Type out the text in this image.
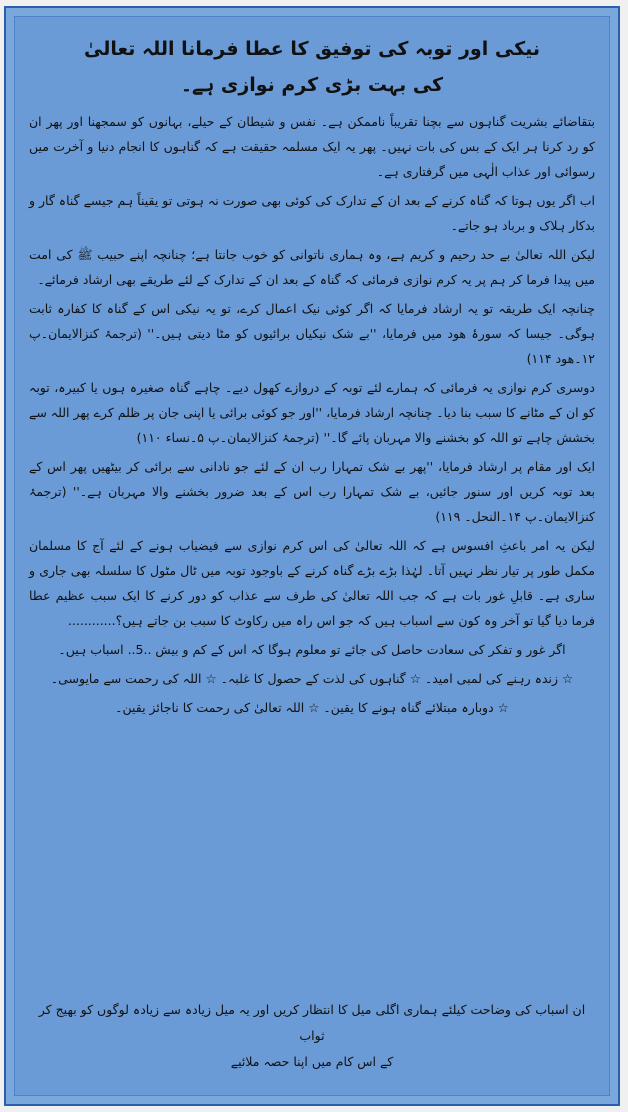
نیکی اور توبہ کی توفیق کا عطا فرمانا اللہ تعالیٰ
کی بہت بڑی کرم نوازی ہے۔

بتقاضائے بشریت گناہوں سے بچنا تقریباً ناممکن ہے۔ نفس و شیطان کے حیلے، بہانوں کو سمجھنا اور پھر ان کو رد کرنا ہر ایک کے بس کی بات نہیں۔ پھر یہ ایک مسلمہ حقیقت ہے کہ گناہوں کا انجام دنیا و آخرت میں رسوائی اور عذاب الٰہی میں گرفتاری ہے۔

اب اگر یوں ہوتا کہ گناہ کرنے کے بعد ان کے تدارک کی کوئی بھی صورت نہ ہوتی تو یقیناً ہم جیسے گناہ گار و بدکار ہلاک و برباد ہو جاتے۔

لیکن اللہ تعالیٰ بے حد رحیم و کریم ہے، وہ ہماری ناتوانی کو خوب جانتا ہے؛ چنانچہ اپنے حبیب ﷺ کی امت میں پیدا فرما کر ہم پر یہ کرم نوازی فرمائی کہ گناہ کے بعد ان کے تدارک کے لئے طریقے بھی ارشاد فرمائے۔

چنانچہ ایک طریقہ تو یہ ارشاد فرمایا کہ اگر کوئی نیک اعمال کرے، تو یہ نیکی اس کے گناہ کا کفارہ ثابت ہوگی۔ جیسا کہ سورۂ ھود میں فرمایا، ''بے شک نیکیاں برائیوں کو مٹا دیتی ہیں۔'' (ترجمۂ کنزالایمان۔پ ۱۲۔ھود ۱۱۴)

دوسری کرم نوازی یہ فرمائی کہ ہمارے لئے توبہ کے دروازے کھول دیے۔ چاہے گناہ صغیرہ ہوں یا کبیرہ، توبہ کو ان کے مٹانے کا سبب بنا دیا۔ چنانچہ ارشاد فرمایا، ''اور جو کوئی برائی یا اپنی جان پر ظلم کرے پھر اللہ سے بخشش چاہے تو اللہ کو بخشنے والا مہربان پائے گا۔'' (ترجمۂ کنزالایمان۔پ ۵۔نساء ۱۱۰)

ایک اور مقام پر ارشاد فرمایا، ''پھر بے شک تمہارا رب ان کے لئے جو نادانی سے برائی کر بیٹھیں پھر اس کے بعد توبہ کریں اور سنور جائیں، بے شک تمہارا رب اس کے بعد ضرور بخشنے والا مہربان ہے۔'' (ترجمۂ کنزالایمان۔پ ۱۴۔النحل۔ ۱۱۹)

لیکن یہ امر باعثِ افسوس ہے کہ اللہ تعالیٰ کی اس کرم نوازی سے فیضیاب ہونے کے لئے آج کا مسلمان مکمل طور پر تیار نظر نہیں آتا۔ لہٰذا بڑے بڑے گناہ کرنے کے باوجود توبہ میں ٹال مٹول کا سلسلہ بھی جاری و ساری ہے۔ قابلِ غور بات ہے کہ جب اللہ تعالیٰ کی طرف سے عذاب کو دور کرنے کا ایک سبب عظیم عطا فرما دیا گیا تو آخر وہ کون سے اسباب ہیں کہ جو اس راہ میں رکاوٹ کا سبب بن جاتے ہیں؟............

اگر غور و تفکر کی سعادت حاصل کی جائے تو معلوم ہوگا کہ اس کے کم و بیش ..5.. اسباب ہیں۔

☆ زندہ رہنے کی لمبی امید۔ ☆ گناہوں کی لذت کے حصول کا غلبہ۔ ☆ اللہ کی رحمت سے مایوسی۔

☆ دوبارہ مبتلائے گناہ ہونے کا یقین۔ ☆ اللہ تعالیٰ کی رحمت کا ناجائز یقین۔

ان اسباب کی وضاحت کیلئے ہماری اگلی میل کا انتظار کریں اور یہ میل زیادہ سے زیادہ لوگوں کو بھیج کر ثواب

کے اس کام میں اپنا حصہ ملائیے
